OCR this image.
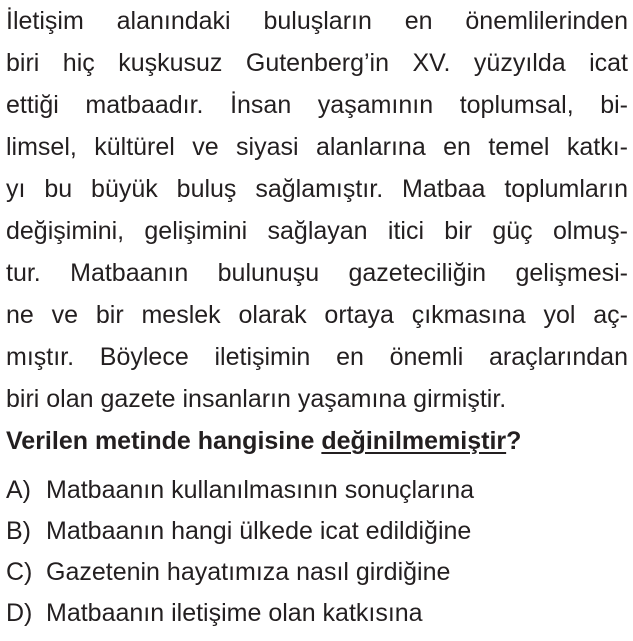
İletişim alanındaki buluşların en önemlilerinden
biri hiç kuşkusuz Gutenberg’in XV. yüzyılda icat
ettiği matbaadır. İnsan yaşamının toplumsal, bi-
limsel, kültürel ve siyasi alanlarına en temel katkı-
yı bu büyük buluş sağlamıştır. Matbaa toplumların
değişimini, gelişimini sağlayan itici bir güç olmuş-
tur. Matbaanın bulunuşu gazeteciliğin gelişmesi-
ne ve bir meslek olarak ortaya çıkmasına yol aç-
mıştır. Böylece iletişimin en önemli araçlarından
biri olan gazete insanların yaşamına girmiştir.
Verilen metinde hangisine değinilmemiştir?
A) Matbaanın kullanılmasının sonuçlarına
B) Matbaanın hangi ülkede icat edildiğine
C) Gazetenin hayatımıza nasıl girdiğine
D) Matbaanın iletişime olan katkısına
